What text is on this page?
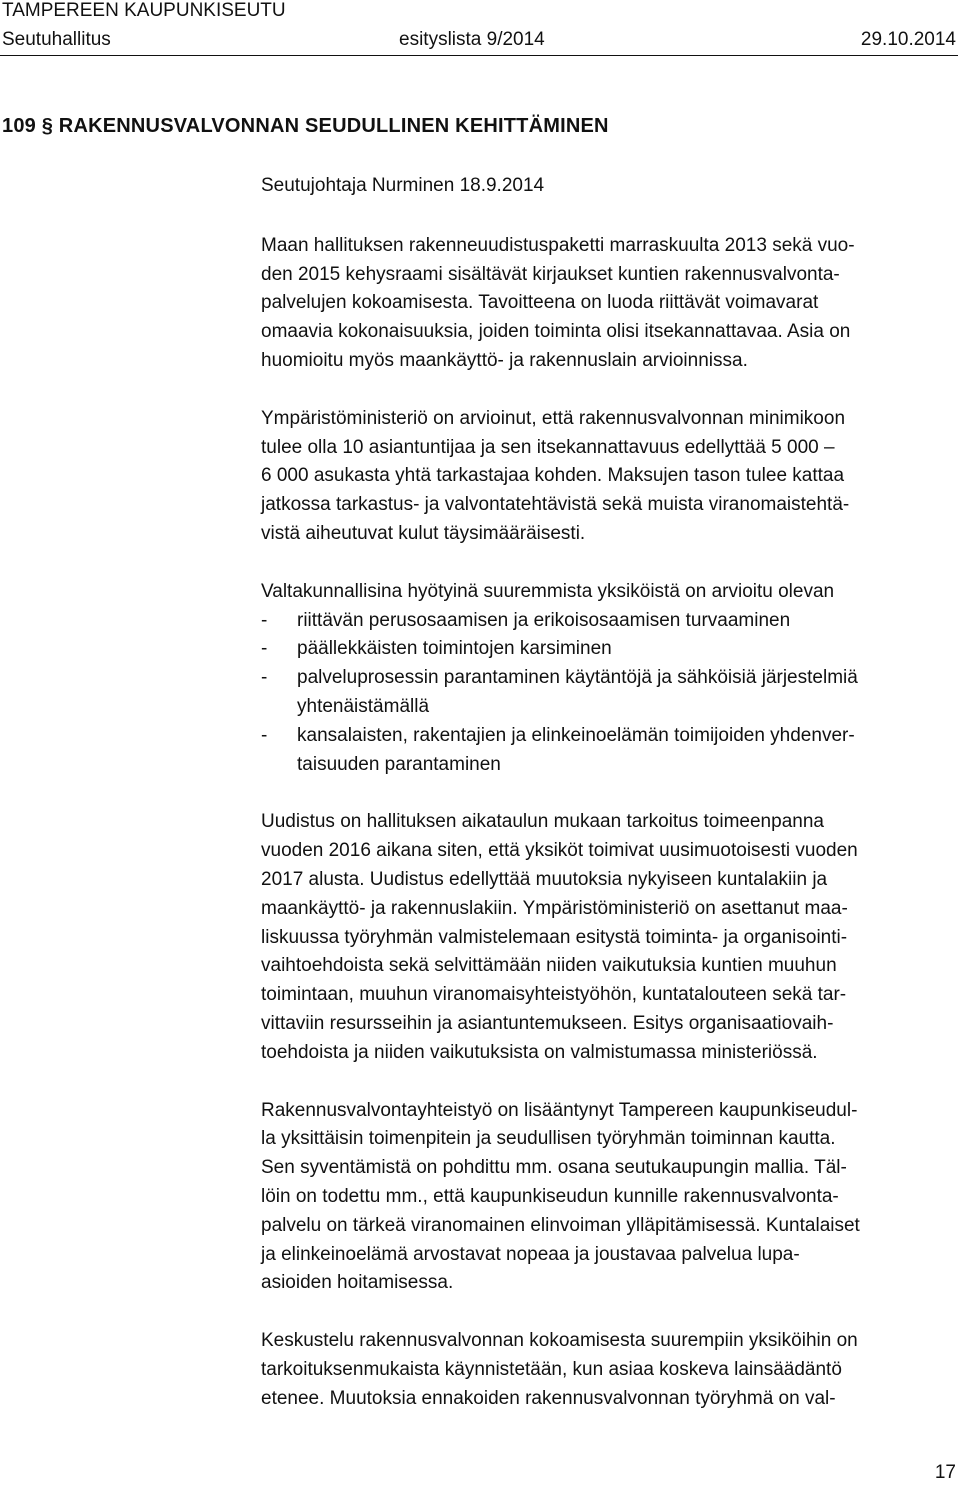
TAMPEREEN KAUPUNKISEUTU
Seutuhallitus	esityslista 9/2014	29.10.2014
109 § RAKENNUSVALVONNAN SEUDULLINEN KEHITTÄMINEN

Seutujohtaja Nurminen 18.9.2014

Maan hallituksen rakenneuudistuspaketti marraskuulta 2013 sekä vuo-
den 2015 kehysraami sisältävät kirjaukset kuntien rakennusvalvonta-
palvelujen kokoamisesta. Tavoitteena on luoda riittävät voimavarat
omaavia kokonaisuuksia, joiden toiminta olisi itsekannattavaa. Asia on
huomioitu myös maankäyttö- ja rakennuslain arvioinnissa.

Ympäristöministeriö on arvioinut, että rakennusvalvonnan minimikoon
tulee olla 10 asiantuntijaa ja sen itsekannattavuus edellyttää 5 000 –
6 000 asukasta yhtä tarkastajaa kohden. Maksujen tason tulee kattaa
jatkossa tarkastus- ja valvontatehtävistä sekä muista viranomaistehtä-
vistä aiheutuvat kulut täysimääräisesti.

Valtakunnallisina hyötyinä suuremmista yksiköistä on arvioitu olevan

- riittävän perusosaamisen ja erikoisosaamisen turvaaminen
- päällekkäisten toimintojen karsiminen
- palveluprosessin parantaminen käytäntöjä ja sähköisiä järjestelmiä
yhtenäistämällä
- kansalaisten, rakentajien ja elinkeinoelämän toimijoiden yhdenver-
taisuuden parantaminen

Uudistus on hallituksen aikataulun mukaan tarkoitus toimeenpanna
vuoden 2016 aikana siten, että yksiköt toimivat uusimuotoisesti vuoden
2017 alusta. Uudistus edellyttää muutoksia nykyiseen kuntalakiin ja
maankäyttö- ja rakennuslakiin. Ympäristöministeriö on asettanut maa-
liskuussa työryhmän valmistelemaan esitystä toiminta- ja organisointi-
vaihtoehdoista sekä selvittämään niiden vaikutuksia kuntien muuhun
toimintaan, muuhun viranomaisyhteistyöhön, kuntatalouteen sekä tar-
vittaviin resursseihin ja asiantuntemukseen. Esitys organisaatiovaih-
toehdoista ja niiden vaikutuksista on valmistumassa ministeriössä.

Rakennusvalvontayhteistyö on lisääntynyt Tampereen kaupunkiseudul-
la yksittäisin toimenpitein ja seudullisen työryhmän toiminnan kautta.
Sen syventämistä on pohdittu mm. osana seutukaupungin mallia. Täl-
löin on todettu mm., että kaupunkiseudun kunnille rakennusvalvonta-
palvelu on tärkeä viranomainen elinvoiman ylläpitämisessä. Kuntalaiset
ja elinkeinoelämä arvostavat nopeaa ja joustavaa palvelua lupa-
asioiden hoitamisessa.

Keskustelu rakennusvalvonnan kokoamisesta suurempiin yksiköihin on
tarkoituksenmukaista käynnistetään, kun asiaa koskeva lainsäädäntö
etenee. Muutoksia ennakoiden rakennusvalvonnan työryhmä on val-

17
